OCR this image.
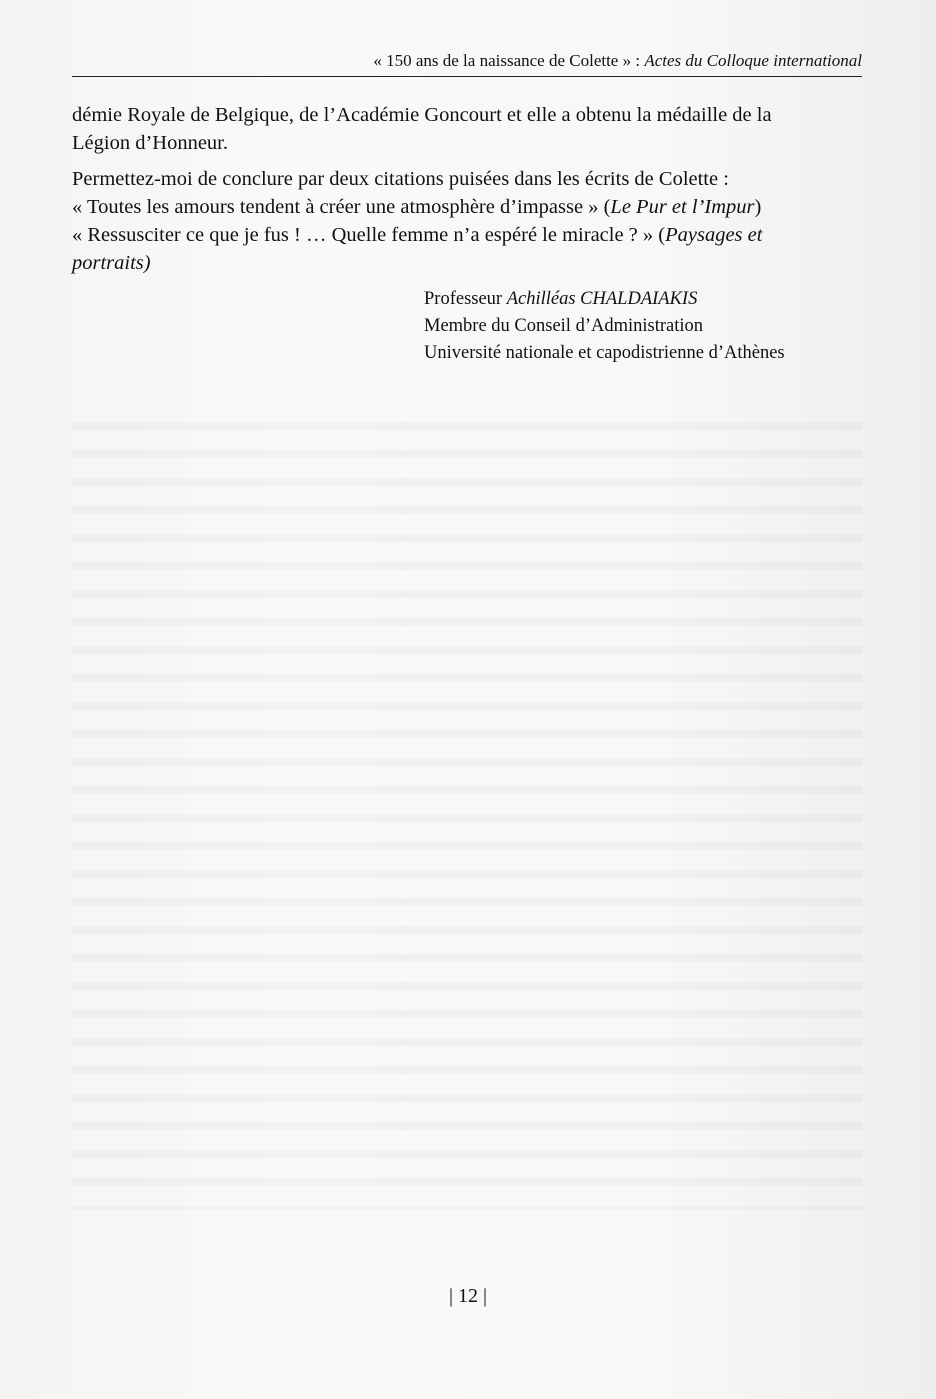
« 150 ans de la naissance de Colette » : Actes du Colloque international

démie Royale de Belgique, de l’Académie Goncourt et elle a obtenu la médaille de la
Légion d’Honneur.

Permettez-moi de conclure par deux citations puisées dans les écrits de Colette :
« Toutes les amours tendent à créer une atmosphère d’impasse » (Le Pur et l’Impur)
« Ressusciter ce que je fus ! … Quelle femme n’a espéré le miracle ? » (Paysages et
portraits)

Professeur Achilléas CHALDAIAKIS
Membre du Conseil d’Administration
Université nationale et capodistrienne d’Athènes
| 12 |
